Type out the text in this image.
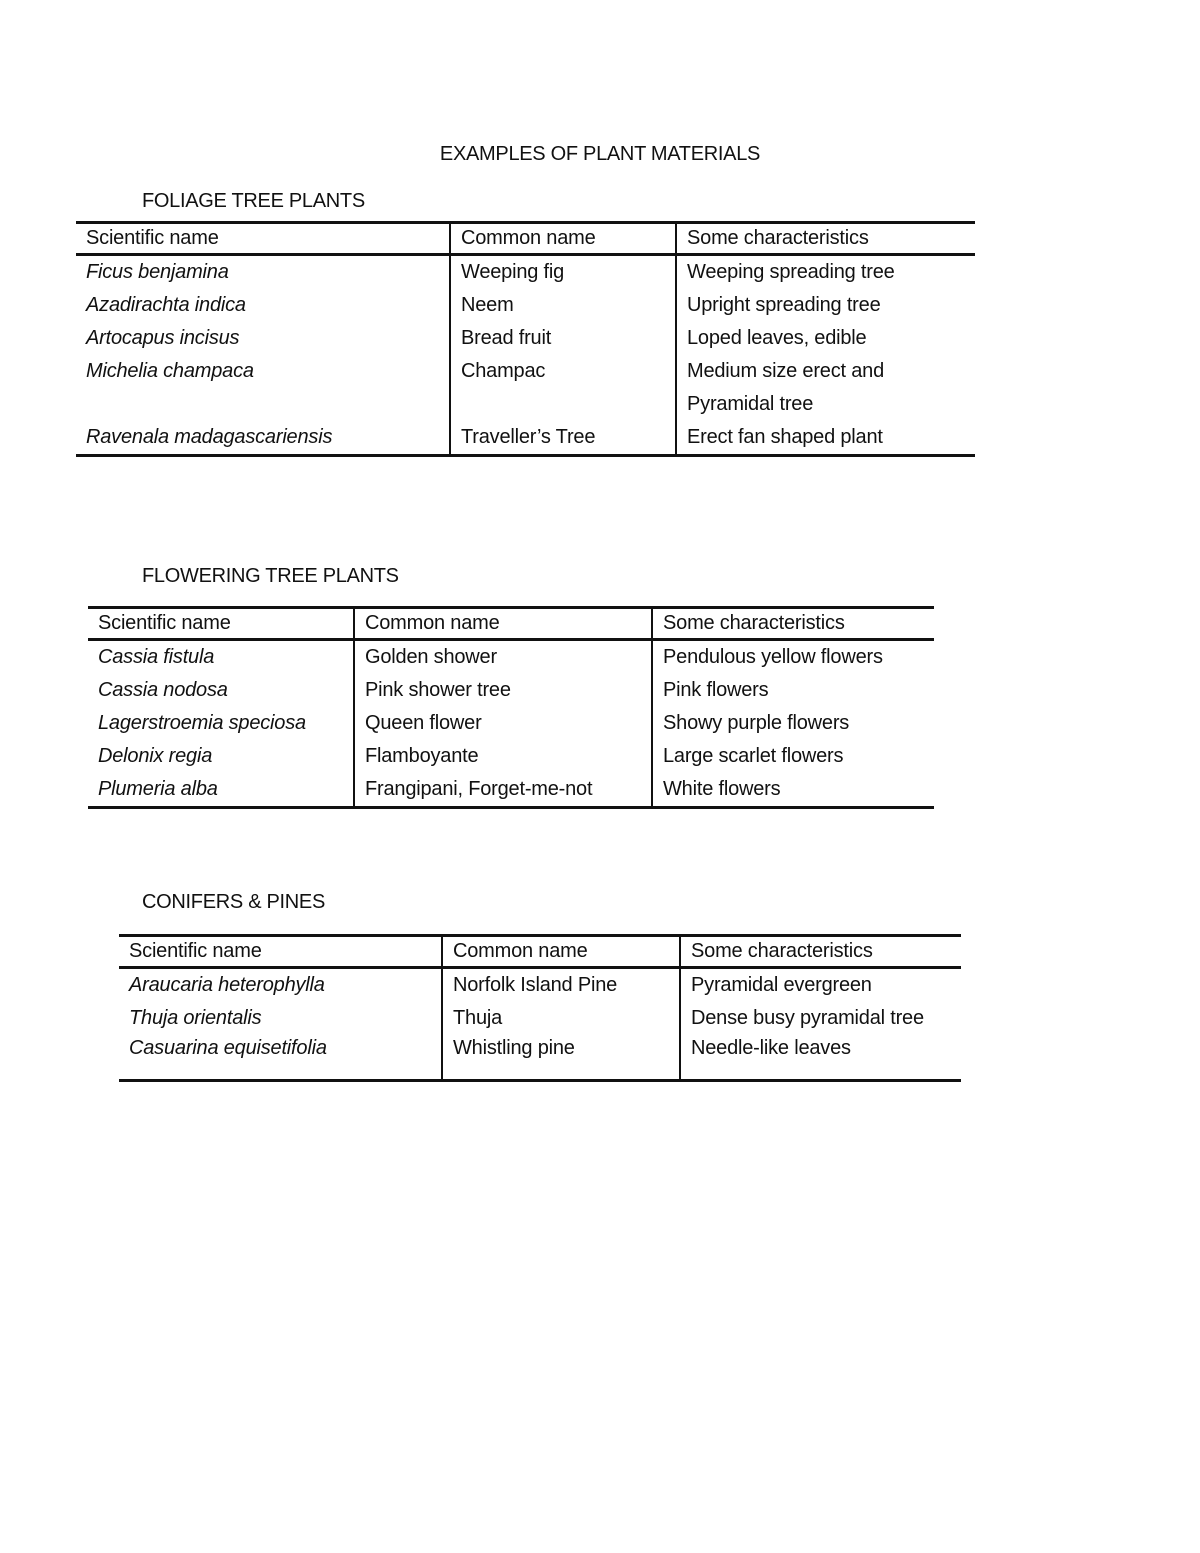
EXAMPLES OF PLANT MATERIALS
FOLIAGE TREE PLANTS
Scientific name	Common name	Some characteristics
Ficus benjamina	Weeping fig	Weeping spreading tree
Azadirachta indica	Neem	Upright spreading tree
Artocapus incisus	Bread fruit	Loped leaves, edible

Michelia champaca	Champac	Medium size erect and
Pyramidal tree

Ravenala madagascariensis	Traveller’s Tree	Erect fan shaped plant
FLOWERING TREE PLANTS
Scientific name	Common name	Some characteristics
Cassia fistula	Golden shower	Pendulous yellow flowers
Cassia nodosa	Pink shower tree	Pink flowers
Lagerstroemia speciosa	Queen flower	Showy purple flowers
Delonix regia	Flamboyante	Large scarlet flowers
Plumeria alba	Frangipani, Forget-me-not	White flowers
CONIFERS & PINES
Scientific name	Common name	Some characteristics
Araucaria heterophylla	Norfolk Island Pine	Pyramidal evergreen
Thuja orientalis	Thuja	Dense busy pyramidal tree
Casuarina equisetifolia	Whistling pine	Needle-like leaves
